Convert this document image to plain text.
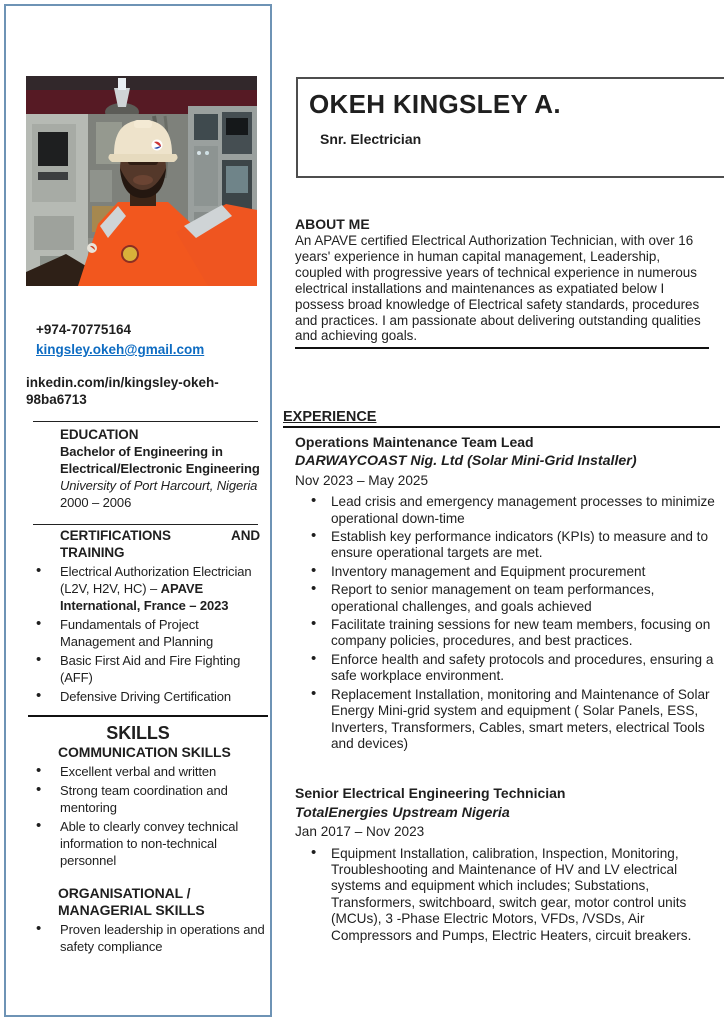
+974-70775164
kingsley.okeh@gmail.com
inkedin.com/in/kingsley-okeh-98ba6713
EDUCATION
Bachelor of Engineering in Electrical/Electronic Engineering
University of Port Harcourt, Nigeria
2000 – 2006
CERTIFICATIONS	AND
TRAINING
• Electrical Authorization Electrician (L2V, H2V, HC) – APAVE International, France – 2023
• Fundamentals of Project Management and Planning
• Basic First Aid and Fire Fighting (AFF)
• Defensive Driving Certification
SKILLS
COMMUNICATION SKILLS
• Excellent verbal and written
• Strong team coordination and mentoring
• Able to clearly convey technical information to non-technical personnel
ORGANISATIONAL /
MANAGERIAL SKILLS
• Proven leadership in operations and safety compliance
OKEH KINGSLEY A.
Snr. Electrician
ABOUT ME

An APAVE certified Electrical Authorization Technician, with over 16 years' experience in human capital management, Leadership, coupled with progressive years of technical experience in numerous electrical installations and maintenances as expatiated below I possess broad knowledge of Electrical safety standards, procedures and practices. I am passionate about delivering outstanding qualities and achieving goals.

EXPERIENCE
Operations Maintenance Team Lead
DARWAYCOAST Nig. Ltd (Solar Mini-Grid Installer)
Nov 2023 – May 2025
• Lead crisis and emergency management processes to minimize operational down-time
• Establish key performance indicators (KPIs) to measure and to ensure operational targets are met.
• Inventory management and Equipment procurement
• Report to senior management on team performances, operational challenges, and goals achieved
• Facilitate training sessions for new team members, focusing on company policies, procedures, and best practices.
• Enforce health and safety protocols and procedures, ensuring a safe workplace environment.
• Replacement Installation, monitoring and Maintenance of Solar Energy Mini-grid system and equipment ( Solar Panels, ESS, Inverters, Transformers, Cables, smart meters, electrical Tools and devices)
Senior Electrical Engineering Technician
TotalEnergies Upstream Nigeria
Jan 2017 – Nov 2023
• Equipment Installation, calibration, Inspection, Monitoring, Troubleshooting and Maintenance of HV and LV electrical systems and equipment which includes; Substations, Transformers, switchboard, switch gear, motor control units (MCUs), 3 -Phase Electric Motors, VFDs, /VSDs, Air Compressors and Pumps, Electric Heaters, circuit breakers.
